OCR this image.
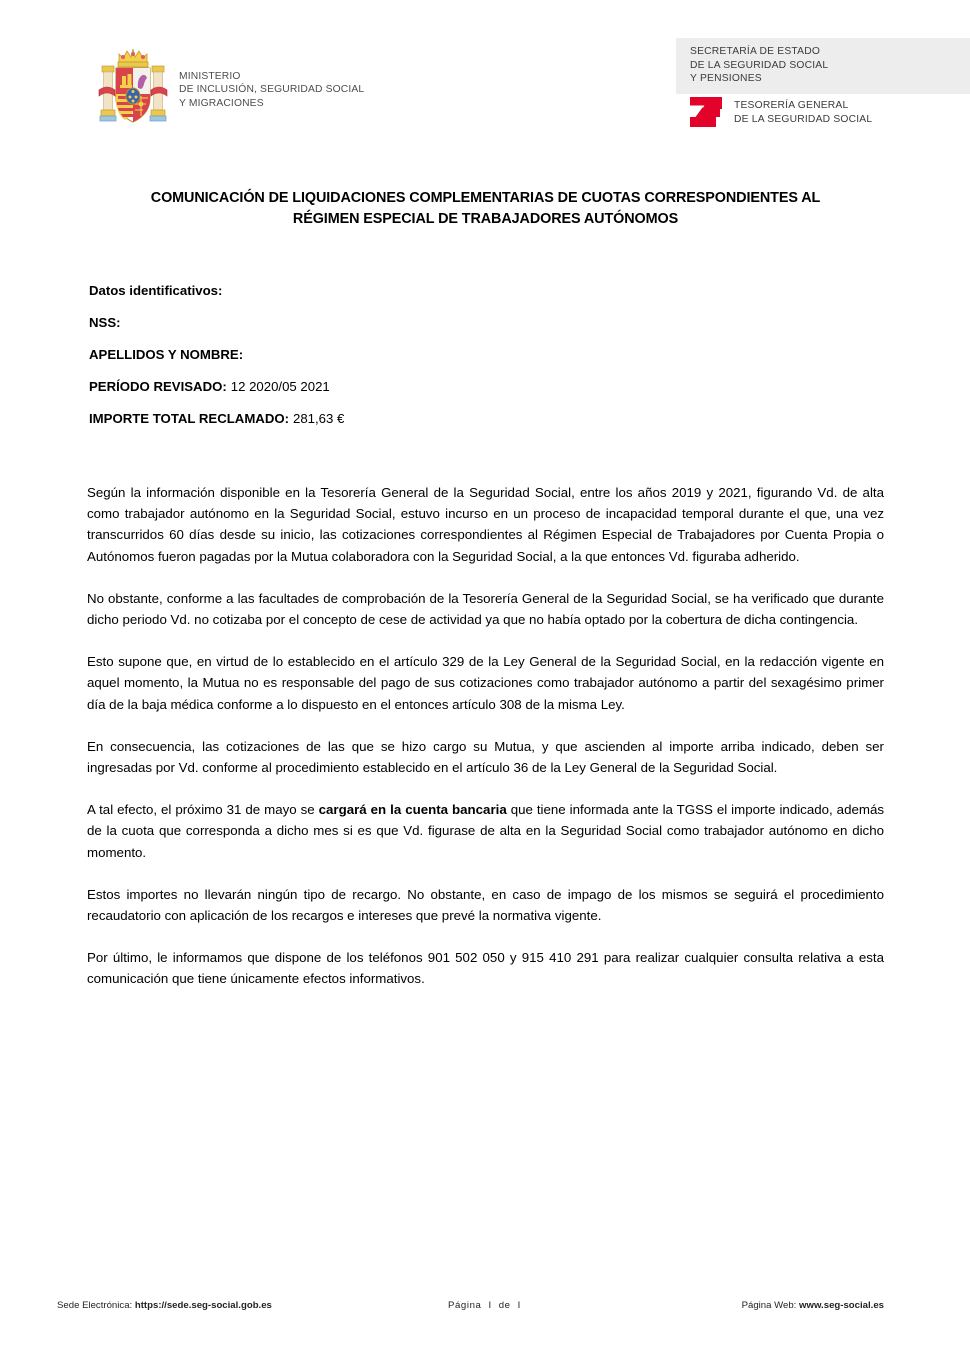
MINISTERIO
DE INCLUSIÓN, SEGURIDAD SOCIAL
Y MIGRACIONES
SECRETARÍA DE ESTADO
DE LA SEGURIDAD SOCIAL
Y PENSIONES
TESORERÍA GENERAL
DE LA SEGURIDAD SOCIAL
COMUNICACIÓN DE LIQUIDACIONES COMPLEMENTARIAS DE CUOTAS CORRESPONDIENTES AL
RÉGIMEN ESPECIAL DE TRABAJADORES AUTÓNOMOS
Datos identificativos:
NSS:
APELLIDOS Y NOMBRE:
PERÍODO REVISADO: 12 2020/05 2021
IMPORTE TOTAL RECLAMADO: 281,63 €

Según la información disponible en la Tesorería General de la Seguridad Social, entre los años 2019 y 2021, figurando Vd. de alta como trabajador autónomo en la Seguridad Social, estuvo incurso en un proceso de incapacidad temporal durante el que, una vez transcurridos 60 días desde su inicio, las cotizaciones correspondientes al Régimen Especial de Trabajadores por Cuenta Propia o Autónomos fueron pagadas por la Mutua colaboradora con la Seguridad Social, a la que entonces Vd. figuraba adherido.

No obstante, conforme a las facultades de comprobación de la Tesorería General de la Seguridad Social, se ha verificado que durante dicho periodo Vd. no cotizaba por el concepto de cese de actividad ya que no había optado por la cobertura de dicha contingencia.

Esto supone que, en virtud de lo establecido en el artículo 329 de la Ley General de la Seguridad Social, en la redacción vigente en aquel momento, la Mutua no es responsable del pago de sus cotizaciones como trabajador autónomo a partir del sexagésimo primer día de la baja médica conforme a lo dispuesto en el entonces artículo 308 de la misma Ley.

En consecuencia, las cotizaciones de las que se hizo cargo su Mutua, y que ascienden al importe arriba indicado, deben ser ingresadas por Vd. conforme al procedimiento establecido en el artículo 36 de la Ley General de la Seguridad Social.

A tal efecto, el próximo 31 de mayo se cargará en la cuenta bancaria que tiene informada ante la TGSS el importe indicado, además de la cuota que corresponda a dicho mes si es que Vd. figurase de alta en la Seguridad Social como trabajador autónomo en dicho momento.

Estos importes no llevarán ningún tipo de recargo. No obstante, en caso de impago de los mismos se seguirá el procedimiento recaudatorio con aplicación de los recargos e intereses que prevé la normativa vigente.

Por último, le informamos que dispone de los teléfonos 901 502 050 y 915 410 291 para realizar cualquier consulta relativa a esta comunicación que tiene únicamente efectos informativos.

Sede Electrónica: https://sede.seg-social.gob.es	Página I de I	Página Web: www.seg-social.es
